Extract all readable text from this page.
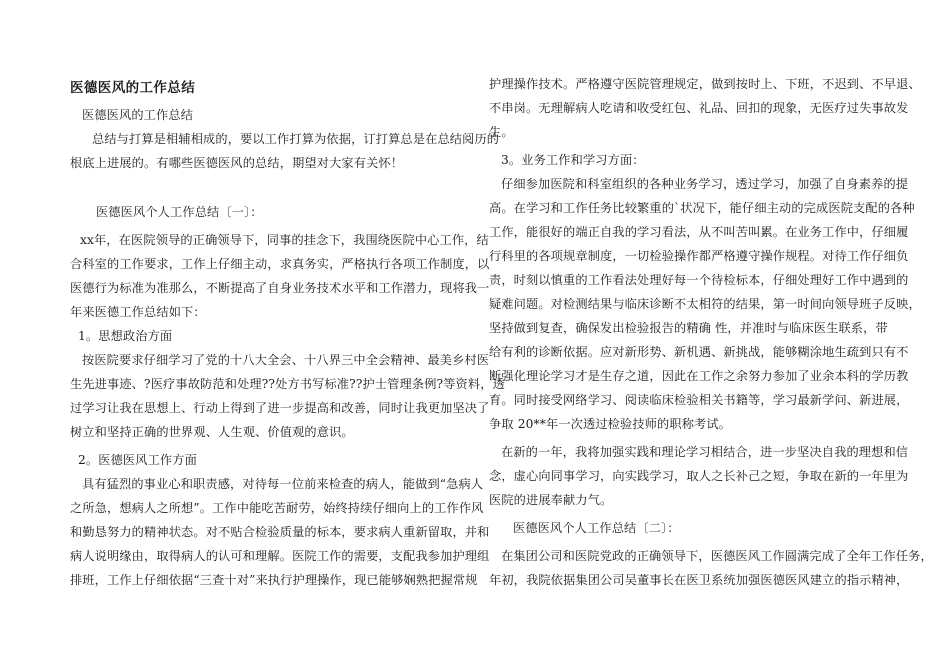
医德医风的工作总结
医德医风的工作总结
总结与打算是相辅相成的，要以工作打算为依据，订打算总是在总结阅历的
根底上进展的。有哪些医德医风的总结，期望对大家有关怀！
医德医风个人工作总结〔一〕：
xx年，在医院领导的正确领导下，同事的挂念下，我围绕医院中心工作，结
合科室的工作要求，工作上仔细主动，求真务实，严格执行各项工作制度，以
医德行为标准为准那么，不断提高了自身业务技术水平和工作潜力，现将我一
年来医德工作总结如下：
1。思想政治方面
按医院要求仔细学习了党的十八大全会、十八界三中全会精神、最美乡村医
生先进事迹、?医疗事故防范和处理??处方书写标准??护士管理条例?等资料，透
过学习让我在思想上、行动上得到了进一步提高和改善，同时让我更加坚决了
树立和坚持正确的世界观、人生观、价值观的意识。
2。医德医风工作方面
具有猛烈的事业心和职责感，对待每一位前来检查的病人，能做到“急病人
之所急，想病人之所想”。工作中能吃苦耐劳，始终持续仔细向上的工作作风
和勤恳努力的精神状态。对不贴合检验质量的标本，要求病人重新留取，并和
病人说明缘由，取得病人的认可和理解。医院工作的需要，支配我参加护理组
排班，工作上仔细依据“三查十对”来执行护理操作，现已能够娴熟把握常规
护理操作技术。严格遵守医院管理规定，做到按时上、下班，不迟到、不早退、
不串岗。无理解病人吃请和收受红包、礼品、回扣的现象，无医疗过失事故发
生。
3。业务工作和学习方面：
仔细参加医院和科室组织的各种业务学习，透过学习，加强了自身素养的提
高。在学习和工作任务比较繁重的`状况下，能仔细主动的完成医院支配的各种
工作，能很好的端正自我的学习看法，从不叫苦叫累。在业务工作中，仔细履
行科里的各项规章制度，一切检验操作都严格遵守操作规程。对待工作仔细负
责，时刻以慎重的工作看法处理好每一个待检标本，仔细处理好工作中遇到的
疑难问题。对检测结果与临床诊断不太相符的结果，第一时间向领导班子反映，
坚持做到复查，确保发出检验报告的精确 性，并准时与临床医生联系，带
给有利的诊断依据。应对新形势、新机遇、新挑战，能够糊涂地生疏到只有不
断强化理论学习才是生存之道，因此在工作之余努力参加了业余本科的学历教
育。同时接受网络学习、阅读临床检验相关书籍等，学习最新学问、新进展，
争取 20**年一次透过检验技师的职称考试。
在新的一年，我将加强实践和理论学习相结合，进一步坚决自我的理想和信
念，虚心向同事学习，向实践学习，取人之长补己之短，争取在新的一年里为
医院的进展奉献力气。
医德医风个人工作总结〔二〕：
在集团公司和医院党政的正确领导下，医德医风工作圆满完成了全年工作任务，
年初，我院依据集团公司吴董事长在医卫系统加强医德医风建立的指示精神，
